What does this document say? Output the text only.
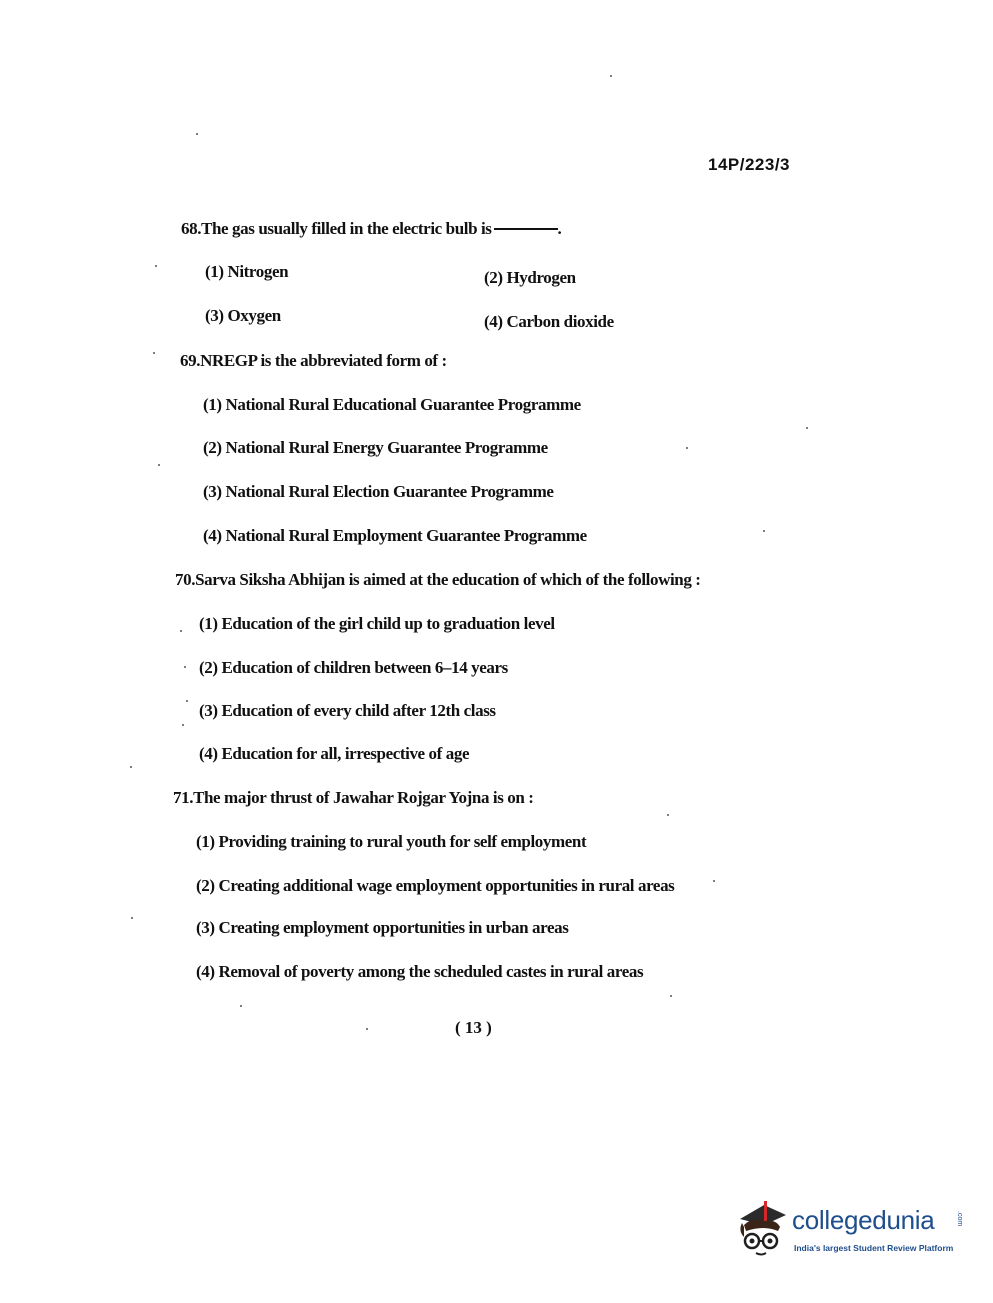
14P/223/3
68.The gas usually filled in the electric bulb is	.
(1) Nitrogen	(2) Hydrogen
(3) Oxygen	(4) Carbon dioxide
69.NREGP is the abbreviated form of :
(1) National Rural Educational Guarantee Programme
(2) National Rural Energy Guarantee Programme
(3) National Rural Election Guarantee Programme
(4) National Rural Employment Guarantee Programme
70.Sarva Siksha Abhijan is aimed at the education of which of the following :
(1) Education of the girl child up to graduation level
(2) Education of children between 6–14 years
(3) Education of every child after 12th class
(4) Education for all, irrespective of age
71.The major thrust of Jawahar Rojgar Yojna is on :
(1) Providing training to rural youth for self employment
(2) Creating additional wage employment opportunities in rural areas
(3) Creating employment opportunities in urban areas
(4) Removal of poverty among the scheduled castes in rural areas
( 13 )
collegedunia	.com
India's largest Student Review Platform
